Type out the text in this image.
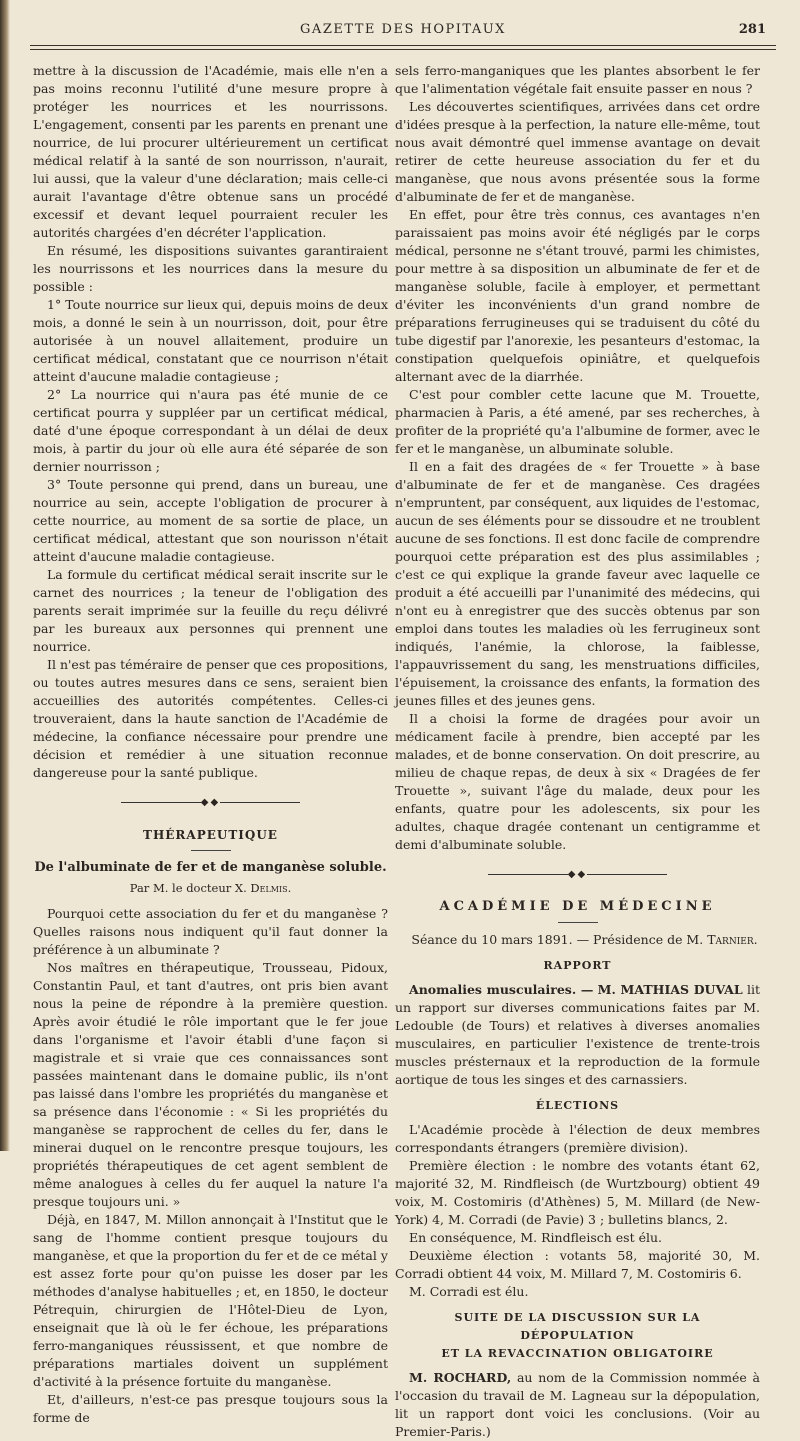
GAZETTE DES HOPITAUX	281

mettre à la discussion de l'Académie, mais elle n'en a pas moins reconnu l'utilité d'une mesure propre à protéger les nourrices et les nourrissons. L'engagement, consenti par les parents en prenant une nourrice, de lui procurer ultérieurement un certificat médical relatif à la santé de son nourrisson, n'aurait, lui aussi, que la valeur d'une déclaration; mais celle-ci aurait l'avantage d'être obtenue sans un procédé excessif et devant lequel pourraient reculer les autorités chargées d'en décréter l'application.

En résumé, les dispositions suivantes garantiraient les nourrissons et les nourrices dans la mesure du possible :

1° Toute nourrice sur lieux qui, depuis moins de deux mois, a donné le sein à un nourrisson, doit, pour être autorisée à un nouvel allaitement, produire un certificat médical, constatant que ce nourrison n'était atteint d'aucune maladie contagieuse ;

2° La nourrice qui n'aura pas été munie de ce certificat pourra y suppléer par un certificat médical, daté d'une époque correspondant à un délai de deux mois, à partir du jour où elle aura été séparée de son dernier nourrisson ;

3° Toute personne qui prend, dans un bureau, une nourrice au sein, accepte l'obligation de procurer à cette nourrice, au moment de sa sortie de place, un certificat médical, attestant que son nourisson n'était atteint d'aucune maladie contagieuse.

La formule du certificat médical serait inscrite sur le carnet des nourrices ; la teneur de l'obligation des parents serait imprimée sur la feuille du reçu délivré par les bureaux aux personnes qui prennent une nourrice.

Il n'est pas téméraire de penser que ces propositions, ou toutes autres mesures dans ce sens, seraient bien accueillies des autorités compétentes. Celles-ci trouveraient, dans la haute sanction de l'Académie de médecine, la confiance nécessaire pour prendre une décision et remédier à une situation reconnue dangereuse pour la santé publique.

◆◆
THÉRAPEUTIQUE
De l'albuminate de fer et de manganèse soluble.
Par M. le docteur X. Delmis.

Pourquoi cette association du fer et du manganèse ? Quelles raisons nous indiquent qu'il faut donner la préférence à un albuminate ?

Nos maîtres en thérapeutique, Trousseau, Pidoux, Constantin Paul, et tant d'autres, ont pris bien avant nous la peine de répondre à la première question. Après avoir étudié le rôle important que le fer joue dans l'organisme et l'avoir établi d'une façon si magistrale et si vraie que ces connaissances sont passées maintenant dans le domaine public, ils n'ont pas laissé dans l'ombre les propriétés du manganèse et sa présence dans l'économie : « Si les propriétés du manganèse se rapprochent de celles du fer, dans le minerai duquel on le rencontre presque toujours, les propriétés thérapeutiques de cet agent semblent de même analogues à celles du fer auquel la nature l'a presque toujours uni. »

Déjà, en 1847, M. Millon annonçait à l'Institut que le sang de l'homme contient presque toujours du manganèse, et que la proportion du fer et de ce métal y est assez forte pour qu'on puisse les doser par les méthodes d'analyse habituelles ; et, en 1850, le docteur Pétrequin, chirurgien de l'Hôtel-Dieu de Lyon, enseignait que là où le fer échoue, les préparations ferro-manganiques réussissent, et que nombre de préparations martiales doivent un supplément d'activité à la présence fortuite du manganèse.

Et, d'ailleurs, n'est-ce pas presque toujours sous la forme de

sels ferro-manganiques que les plantes absorbent le fer que l'alimentation végétale fait ensuite passer en nous ?

Les découvertes scientifiques, arrivées dans cet ordre d'idées presque à la perfection, la nature elle-même, tout nous avait démontré quel immense avantage on devait retirer de cette heureuse association du fer et du manganèse, que nous avons présentée sous la forme d'albuminate de fer et de manganèse.

En effet, pour être très connus, ces avantages n'en paraissaient pas moins avoir été négligés par le corps médical, personne ne s'étant trouvé, parmi les chimistes, pour mettre à sa disposition un albuminate de fer et de manganèse soluble, facile à employer, et permettant d'éviter les inconvénients d'un grand nombre de préparations ferrugineuses qui se traduisent du côté du tube digestif par l'anorexie, les pesanteurs d'estomac, la constipation quelquefois opiniâtre, et quelquefois alternant avec de la diarrhée.

C'est pour combler cette lacune que M. Trouette, pharmacien à Paris, a été amené, par ses recherches, à profiter de la propriété qu'a l'albumine de former, avec le fer et le manganèse, un albuminate soluble.

Il en a fait des dragées de « fer Trouette » à base d'albuminate de fer et de manganèse. Ces dragées n'empruntent, par conséquent, aux liquides de l'estomac, aucun de ses éléments pour se dissoudre et ne troublent aucune de ses fonctions. Il est donc facile de comprendre pourquoi cette préparation est des plus assimilables ; c'est ce qui explique la grande faveur avec laquelle ce produit a été accueilli par l'unanimité des médecins, qui n'ont eu à enregistrer que des succès obtenus par son emploi dans toutes les maladies où les ferrugineux sont indiqués, l'anémie, la chlorose, la faiblesse, l'appauvrissement du sang, les menstruations difficiles, l'épuisement, la croissance des enfants, la formation des jeunes filles et des jeunes gens.

Il a choisi la forme de dragées pour avoir un médicament facile à prendre, bien accepté par les malades, et de bonne conservation. On doit prescrire, au milieu de chaque repas, de deux à six « Dragées de fer Trouette », suivant l'âge du malade, deux pour les enfants, quatre pour les adolescents, six pour les adultes, chaque dragée contenant un centigramme et demi d'albuminate soluble.

◆◆
ACADÉMIE DE MÉDECINE

Séance du 10 mars 1891. — Présidence de M. Tarnier.

RAPPORT

Anomalies musculaires. — M. MATHIAS DUVAL lit un rapport sur diverses communications faites par M. Ledouble (de Tours) et relatives à diverses anomalies musculaires, en particulier l'existence de trente-trois muscles présternaux et la reproduction de la formule aortique de tous les singes et des carnassiers.

ÉLECTIONS

L'Académie procède à l'élection de deux membres correspondants étrangers (première division).

Première élection : le nombre des votants étant 62, majorité 32, M. Rindfleisch (de Wurtzbourg) obtient 49 voix, M. Costomiris (d'Athènes) 5, M. Millard (de New-York) 4, M. Corradi (de Pavie) 3 ; bulletins blancs, 2.

En conséquence, M. Rindfleisch est élu.

Deuxième élection : votants 58, majorité 30, M. Corradi obtient 44 voix, M. Millard 7, M. Costomiris 6.

M. Corradi est élu.

SUITE DE LA DISCUSSION SUR LA DÉPOPULATION
ET LA REVACCINATION OBLIGATOIRE

M. ROCHARD, au nom de la Commission nommée à l'occasion du travail de M. Lagneau sur la dépopulation, lit un rapport dont voici les conclusions. (Voir au Premier-Paris.)
